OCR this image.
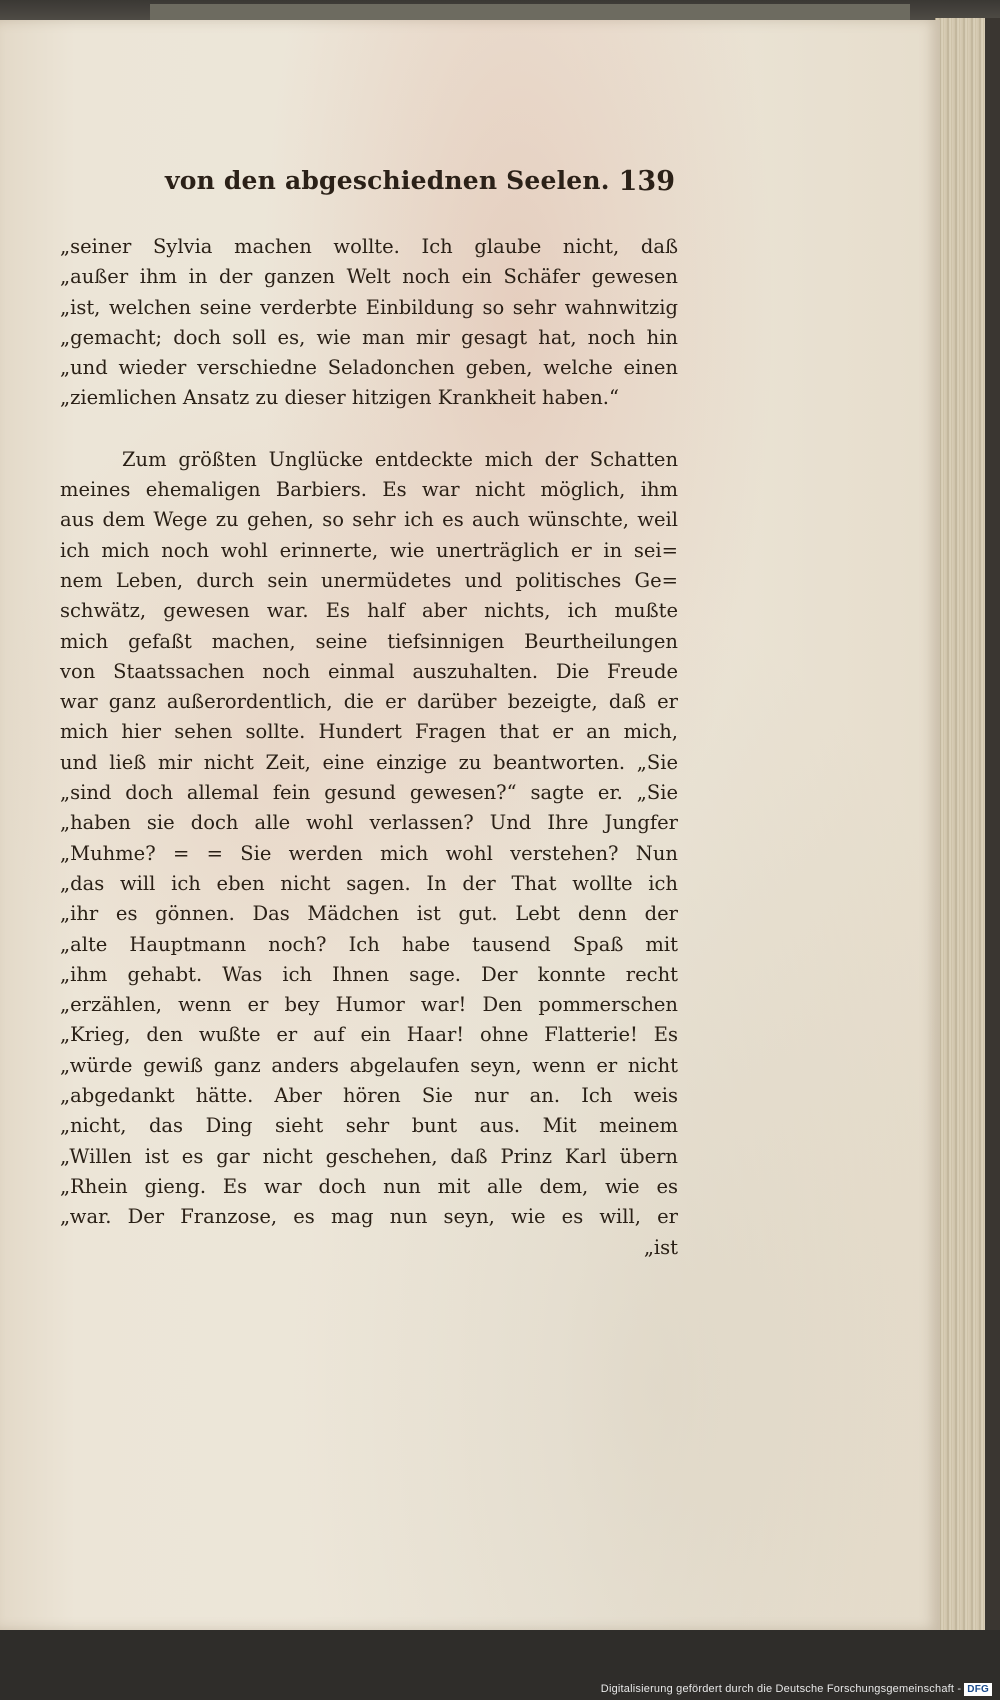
von den abgeschiednen Seelen. 139
„seiner Sylvia machen wollte. Ich glaube nicht, daß
„außer ihm in der ganzen Welt noch ein Schäfer gewesen
„ist, welchen seine verderbte Einbildung so sehr wahnwitzig
„gemacht; doch soll es, wie man mir gesagt hat, noch hin
„und wieder verschiedne Seladonchen geben, welche einen
„ziemlichen Ansatz zu dieser hitzigen Krankheit haben.“
Zum größten Unglücke entdeckte mich der Schatten
meines ehemaligen Barbiers. Es war nicht möglich, ihm
aus dem Wege zu gehen, so sehr ich es auch wünschte, weil
ich mich noch wohl erinnerte, wie unerträglich er in sei=
nem Leben, durch sein unermüdetes und politisches Ge=
schwätz, gewesen war. Es half aber nichts, ich mußte
mich gefaßt machen, seine tiefsinnigen Beurtheilungen
von Staatssachen noch einmal auszuhalten. Die Freude
war ganz außerordentlich, die er darüber bezeigte, daß er
mich hier sehen sollte. Hundert Fragen that er an mich,
und ließ mir nicht Zeit, eine einzige zu beantworten. „Sie
„sind doch allemal fein gesund gewesen?“ sagte er. „Sie
„haben sie doch alle wohl verlassen? Und Ihre Jungfer
„Muhme? = = Sie werden mich wohl verstehen? Nun
„das will ich eben nicht sagen. In der That wollte ich
„ihr es gönnen. Das Mädchen ist gut. Lebt denn der
„alte Hauptmann noch? Ich habe tausend Spaß mit
„ihm gehabt. Was ich Ihnen sage. Der konnte recht
„erzählen, wenn er bey Humor war! Den pommerschen
„Krieg, den wußte er auf ein Haar! ohne Flatterie! Es
„würde gewiß ganz anders abgelaufen seyn, wenn er nicht
„abgedankt hätte. Aber hören Sie nur an. Ich weis
„nicht, das Ding sieht sehr bunt aus. Mit meinem
„Willen ist es gar nicht geschehen, daß Prinz Karl übern
„Rhein gieng. Es war doch nun mit alle dem, wie es
„war. Der Franzose, es mag nun seyn, wie es will, er
„ist
Digitalisierung gefördert durch die Deutsche Forschungsgemeinschaft - DFG
